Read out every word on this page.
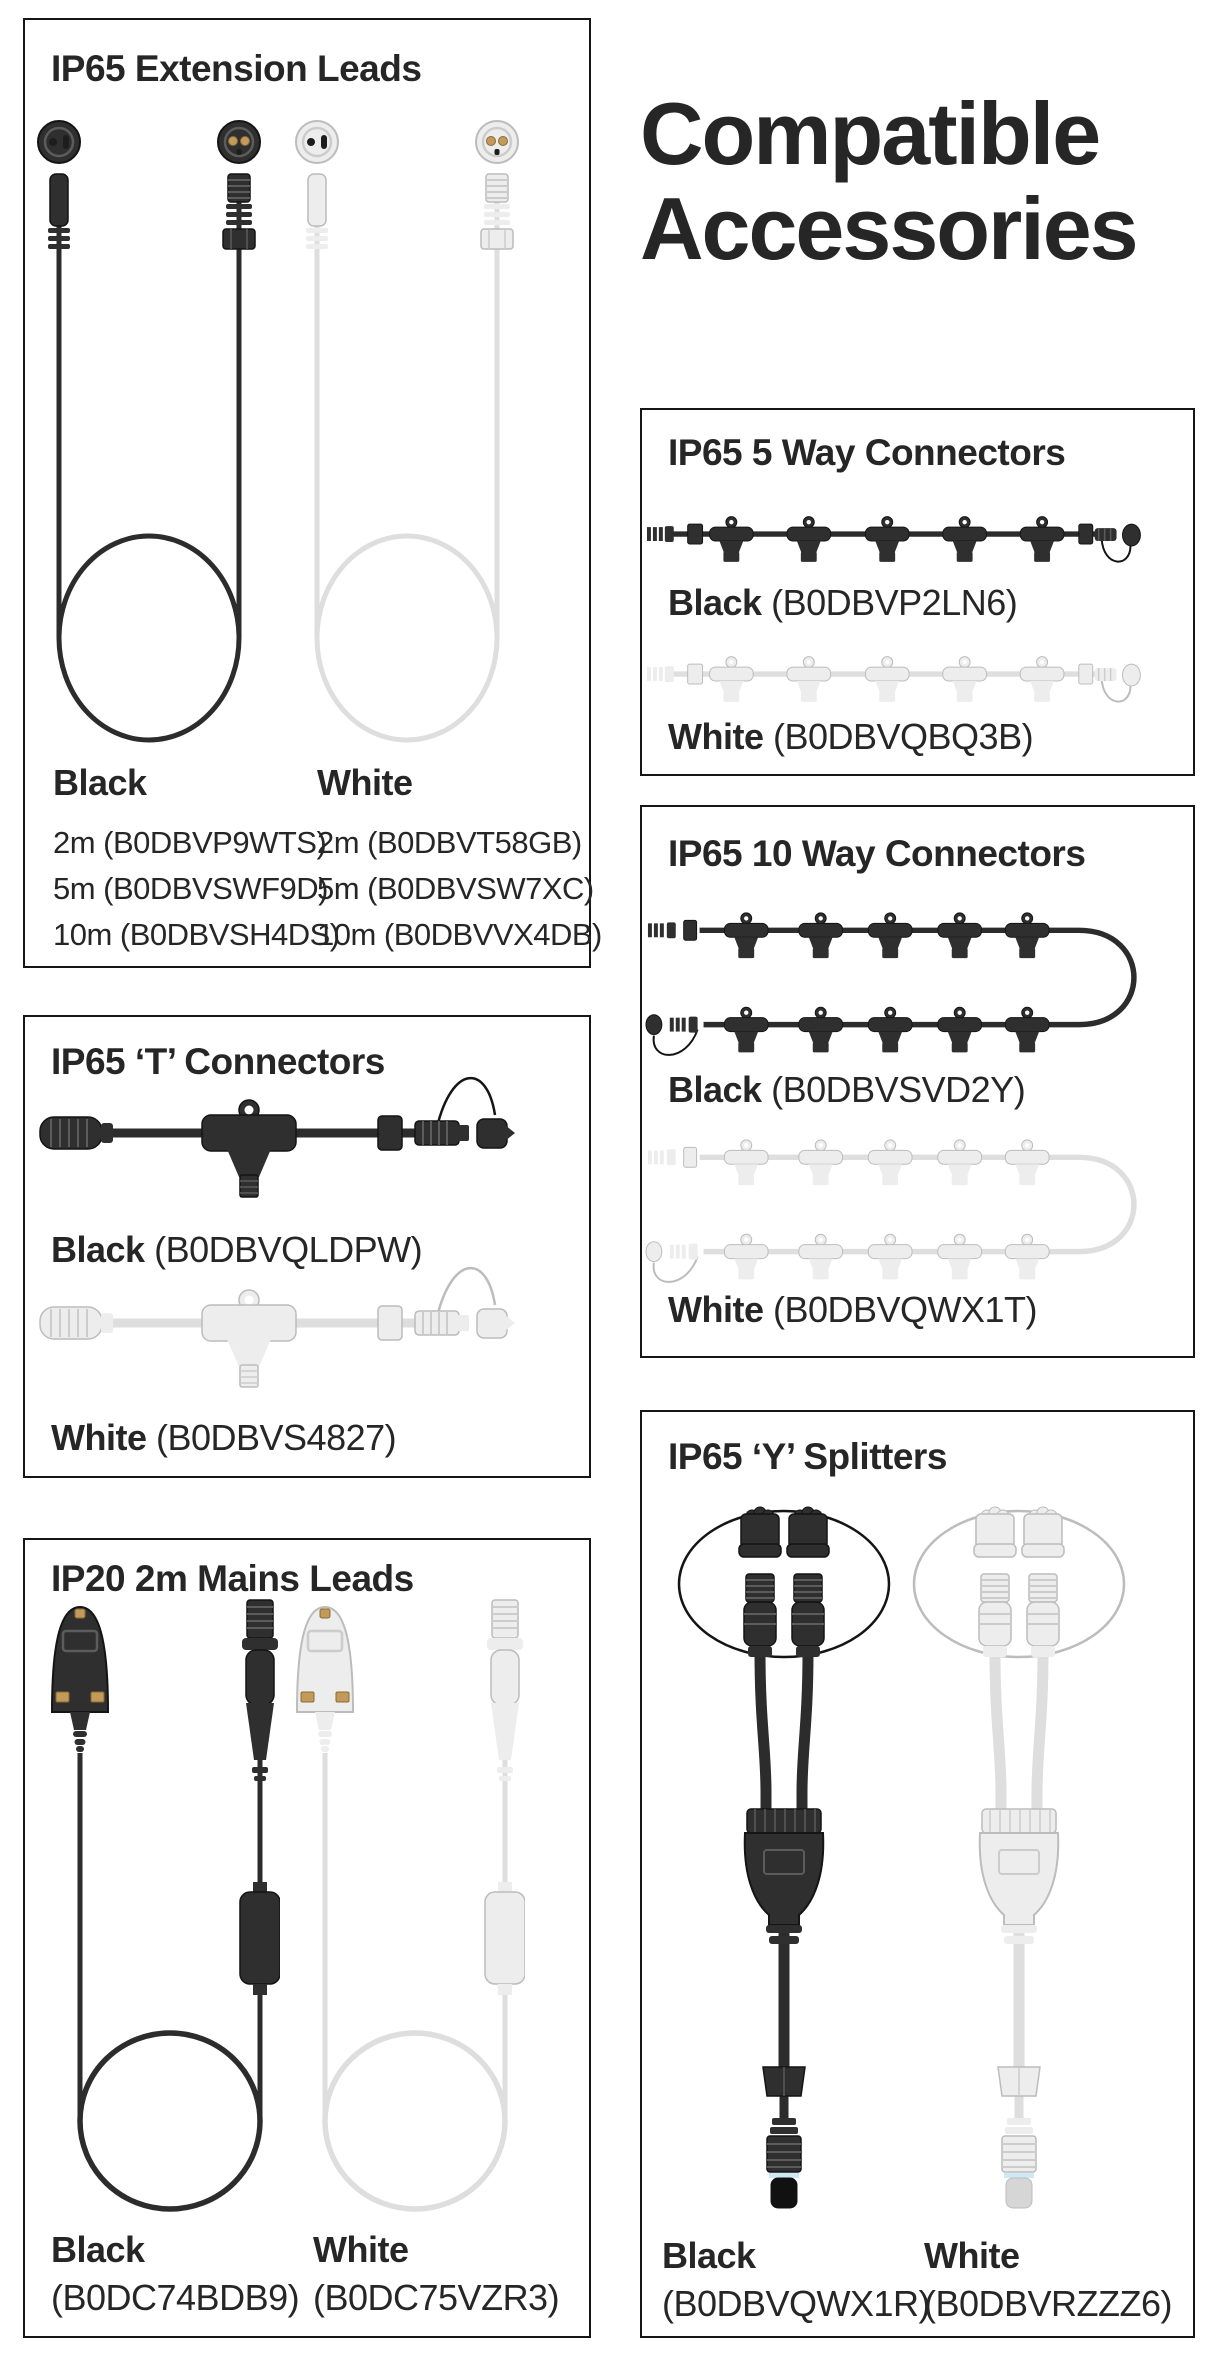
Compatible
Accessories
IP65 Extension Leads
Black
2m (B0DBVP9WTS)
5m (B0DBVSWF9D)
10m (B0DBVSH4DS)
White
2m (B0DBVT58GB)
5m (B0DBVSW7XC)
10m (B0DBVVX4DB)
IP65 ‘T’ Connectors
Black (B0DBVQLDPW)
White (B0DBVS4827)
IP20 2m Mains Leads
Black
(B0DC74BDB9)
White
(B0DC75VZR3)
IP65 5 Way Connectors
Black (B0DBVP2LN6)
White (B0DBVQBQ3B)
IP65 10 Way Connectors
Black (B0DBVSVD2Y)
White (B0DBVQWX1T)
IP65 ‘Y’ Splitters
Black
(B0DBVQWX1R)
White
(B0DBVRZZZ6)
